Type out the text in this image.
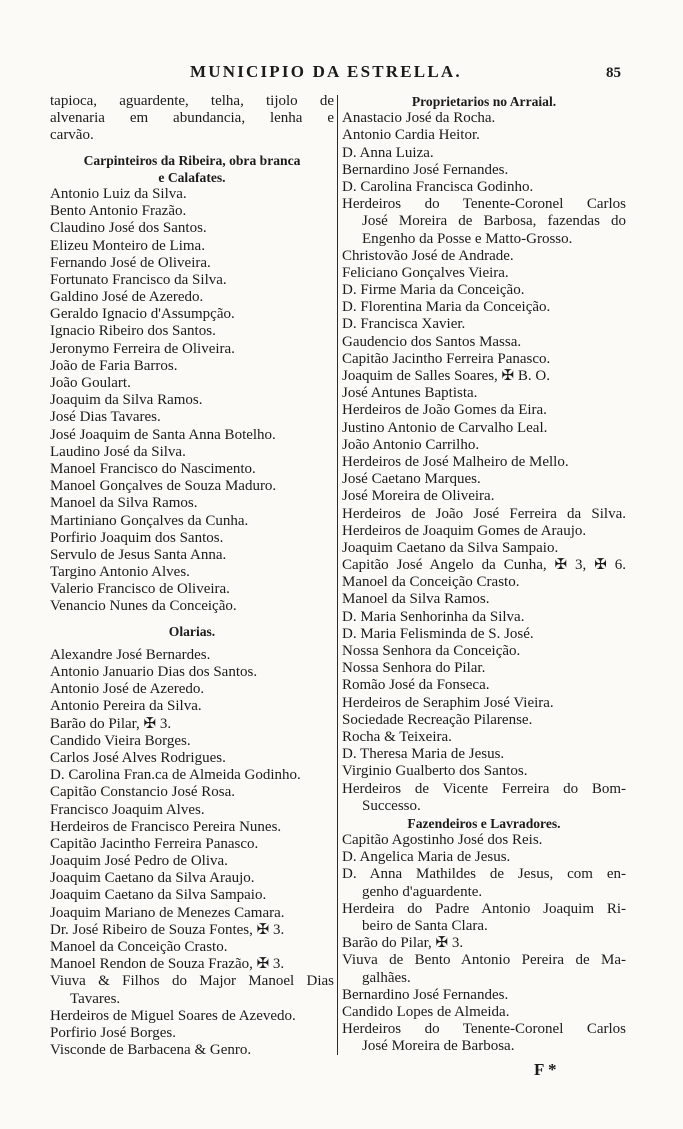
MUNICIPIO DA ESTRELLA.	85
tapioca, aguardente, telha, tijolo de
alvenaria em abundancia, lenha e
carvão.
Carpinteiros da Ribeira, obra branca
e Calafates.
Antonio Luiz da Silva.
Bento Antonio Frazão.
Claudino José dos Santos.
Elizeu Monteiro de Lima.
Fernando José de Oliveira.
Fortunato Francisco da Silva.
Galdino José de Azeredo.
Geraldo Ignacio d'Assumpção.
Ignacio Ribeiro dos Santos.
Jeronymo Ferreira de Oliveira.
João de Faria Barros.
João Goulart.
Joaquim da Silva Ramos.
José Dias Tavares.
José Joaquim de Santa Anna Botelho.
Laudino José da Silva.
Manoel Francisco do Nascimento.
Manoel Gonçalves de Souza Maduro.
Manoel da Silva Ramos.
Martiniano Gonçalves da Cunha.
Porfirio Joaquim dos Santos.
Servulo de Jesus Santa Anna.
Targino Antonio Alves.
Valerio Francisco de Oliveira.
Venancio Nunes da Conceição.
Olarias.
Alexandre José Bernardes.
Antonio Januario Dias dos Santos.
Antonio José de Azeredo.
Antonio Pereira da Silva.
Barão do Pilar, ✠ 3.
Candido Vieira Borges.
Carlos José Alves Rodrigues.
D. Carolina Fran.ca de Almeida Godinho.
Capitão Constancio José Rosa.
Francisco Joaquim Alves.
Herdeiros de Francisco Pereira Nunes.
Capitão Jacintho Ferreira Panasco.
Joaquim José Pedro de Oliva.
Joaquim Caetano da Silva Araujo.
Joaquim Caetano da Silva Sampaio.
Joaquim Mariano de Menezes Camara.
Dr. José Ribeiro de Souza Fontes, ✠ 3.
Manoel da Conceição Crasto.
Manoel Rendon de Souza Frazão, ✠ 3.
Viuva & Filhos do Major Manoel Dias
Tavares.
Herdeiros de Miguel Soares de Azevedo.
Porfirio José Borges.
Visconde de Barbacena & Genro.
Proprietarios no Arraial.
Anastacio José da Rocha.
Antonio Cardia Heitor.
D. Anna Luiza.
Bernardino José Fernandes.
D. Carolina Francisca Godinho.
Herdeiros do Tenente-Coronel Carlos
José Moreira de Barbosa, fazendas do
Engenho da Posse e Matto-Grosso.
Christovão José de Andrade.
Feliciano Gonçalves Vieira.
D. Firme Maria da Conceição.
D. Florentina Maria da Conceição.
D. Francisca Xavier.
Gaudencio dos Santos Massa.
Capitão Jacintho Ferreira Panasco.
Joaquim de Salles Soares, ✠ B. O.
José Antunes Baptista.
Herdeiros de João Gomes da Eira.
Justino Antonio de Carvalho Leal.
João Antonio Carrilho.
Herdeiros de José Malheiro de Mello.
José Caetano Marques.
José Moreira de Oliveira.
Herdeiros de João José Ferreira da Silva.
Herdeiros de Joaquim Gomes de Araujo.
Joaquim Caetano da Silva Sampaio.
Capitão José Angelo da Cunha, ✠ 3, ✠ 6.
Manoel da Conceição Crasto.
Manoel da Silva Ramos.
D. Maria Senhorinha da Silva.
D. Maria Felisminda de S. José.
Nossa Senhora da Conceição.
Nossa Senhora do Pilar.
Romão José da Fonseca.
Herdeiros de Seraphim José Vieira.
Sociedade Recreação Pilarense.
Rocha & Teixeira.
D. Theresa Maria de Jesus.
Virginio Gualberto dos Santos.
Herdeiros de Vicente Ferreira do Bom-
Successo.
Fazendeiros e Lavradores.
Capitão Agostinho José dos Reis.
D. Angelica Maria de Jesus.
D. Anna Mathildes de Jesus, com en-
genho d'aguardente.
Herdeira do Padre Antonio Joaquim Ri-
beiro de Santa Clara.
Barão do Pilar, ✠ 3.
Viuva de Bento Antonio Pereira de Ma-
galhães.
Bernardino José Fernandes.
Candido Lopes de Almeida.
Herdeiros do Tenente-Coronel Carlos
José Moreira de Barbosa.
F *
